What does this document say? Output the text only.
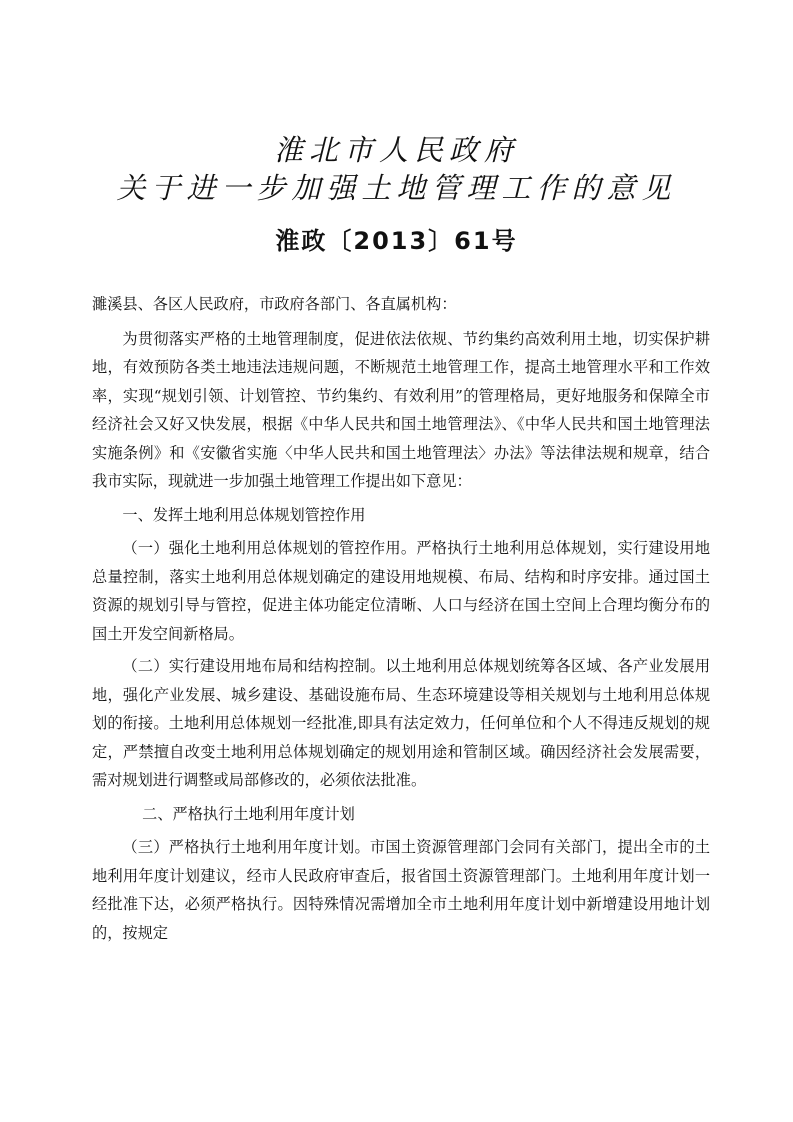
淮北市人民政府
关于进一步加强土地管理工作的意见
淮政〔2013〕61号

濉溪县、各区人民政府，市政府各部门、各直属机构：

为贯彻落实严格的土地管理制度，促进依法依规、节约集约高效利用土地，切实保护耕地，有效预防各类土地违法违规问题，不断规范土地管理工作，提高土地管理水平和工作效率，实现“规划引领、计划管控、节约集约、有效利用”的管理格局，更好地服务和保障全市经济社会又好又快发展，根据《中华人民共和国土地管理法》、《中华人民共和国土地管理法实施条例》和《安徽省实施〈中华人民共和国土地管理法〉办法》等法律法规和规章，结合我市实际，现就进一步加强土地管理工作提出如下意见：

一、发挥土地利用总体规划管控作用

（一）强化土地利用总体规划的管控作用。严格执行土地利用总体规划，实行建设用地总量控制，落实土地利用总体规划确定的建设用地规模、布局、结构和时序安排。通过国土资源的规划引导与管控，促进主体功能定位清晰、人口与经济在国土空间上合理均衡分布的国土开发空间新格局。

（二）实行建设用地布局和结构控制。以土地利用总体规划统筹各区域、各产业发展用地，强化产业发展、城乡建设、基础设施布局、生态环境建设等相关规划与土地利用总体规划的衔接。土地利用总体规划一经批准,即具有法定效力，任何单位和个人不得违反规划的规定，严禁擅自改变土地利用总体规划确定的规划用途和管制区域。确因经济社会发展需要，需对规划进行调整或局部修改的，必须依法批准。

二、严格执行土地利用年度计划

（三）严格执行土地利用年度计划。市国土资源管理部门会同有关部门，提出全市的土地利用年度计划建议，经市人民政府审查后，报省国土资源管理部门。土地利用年度计划一经批准下达，必须严格执行。因特殊情况需增加全市土地利用年度计划中新增建设用地计划的，按规定
